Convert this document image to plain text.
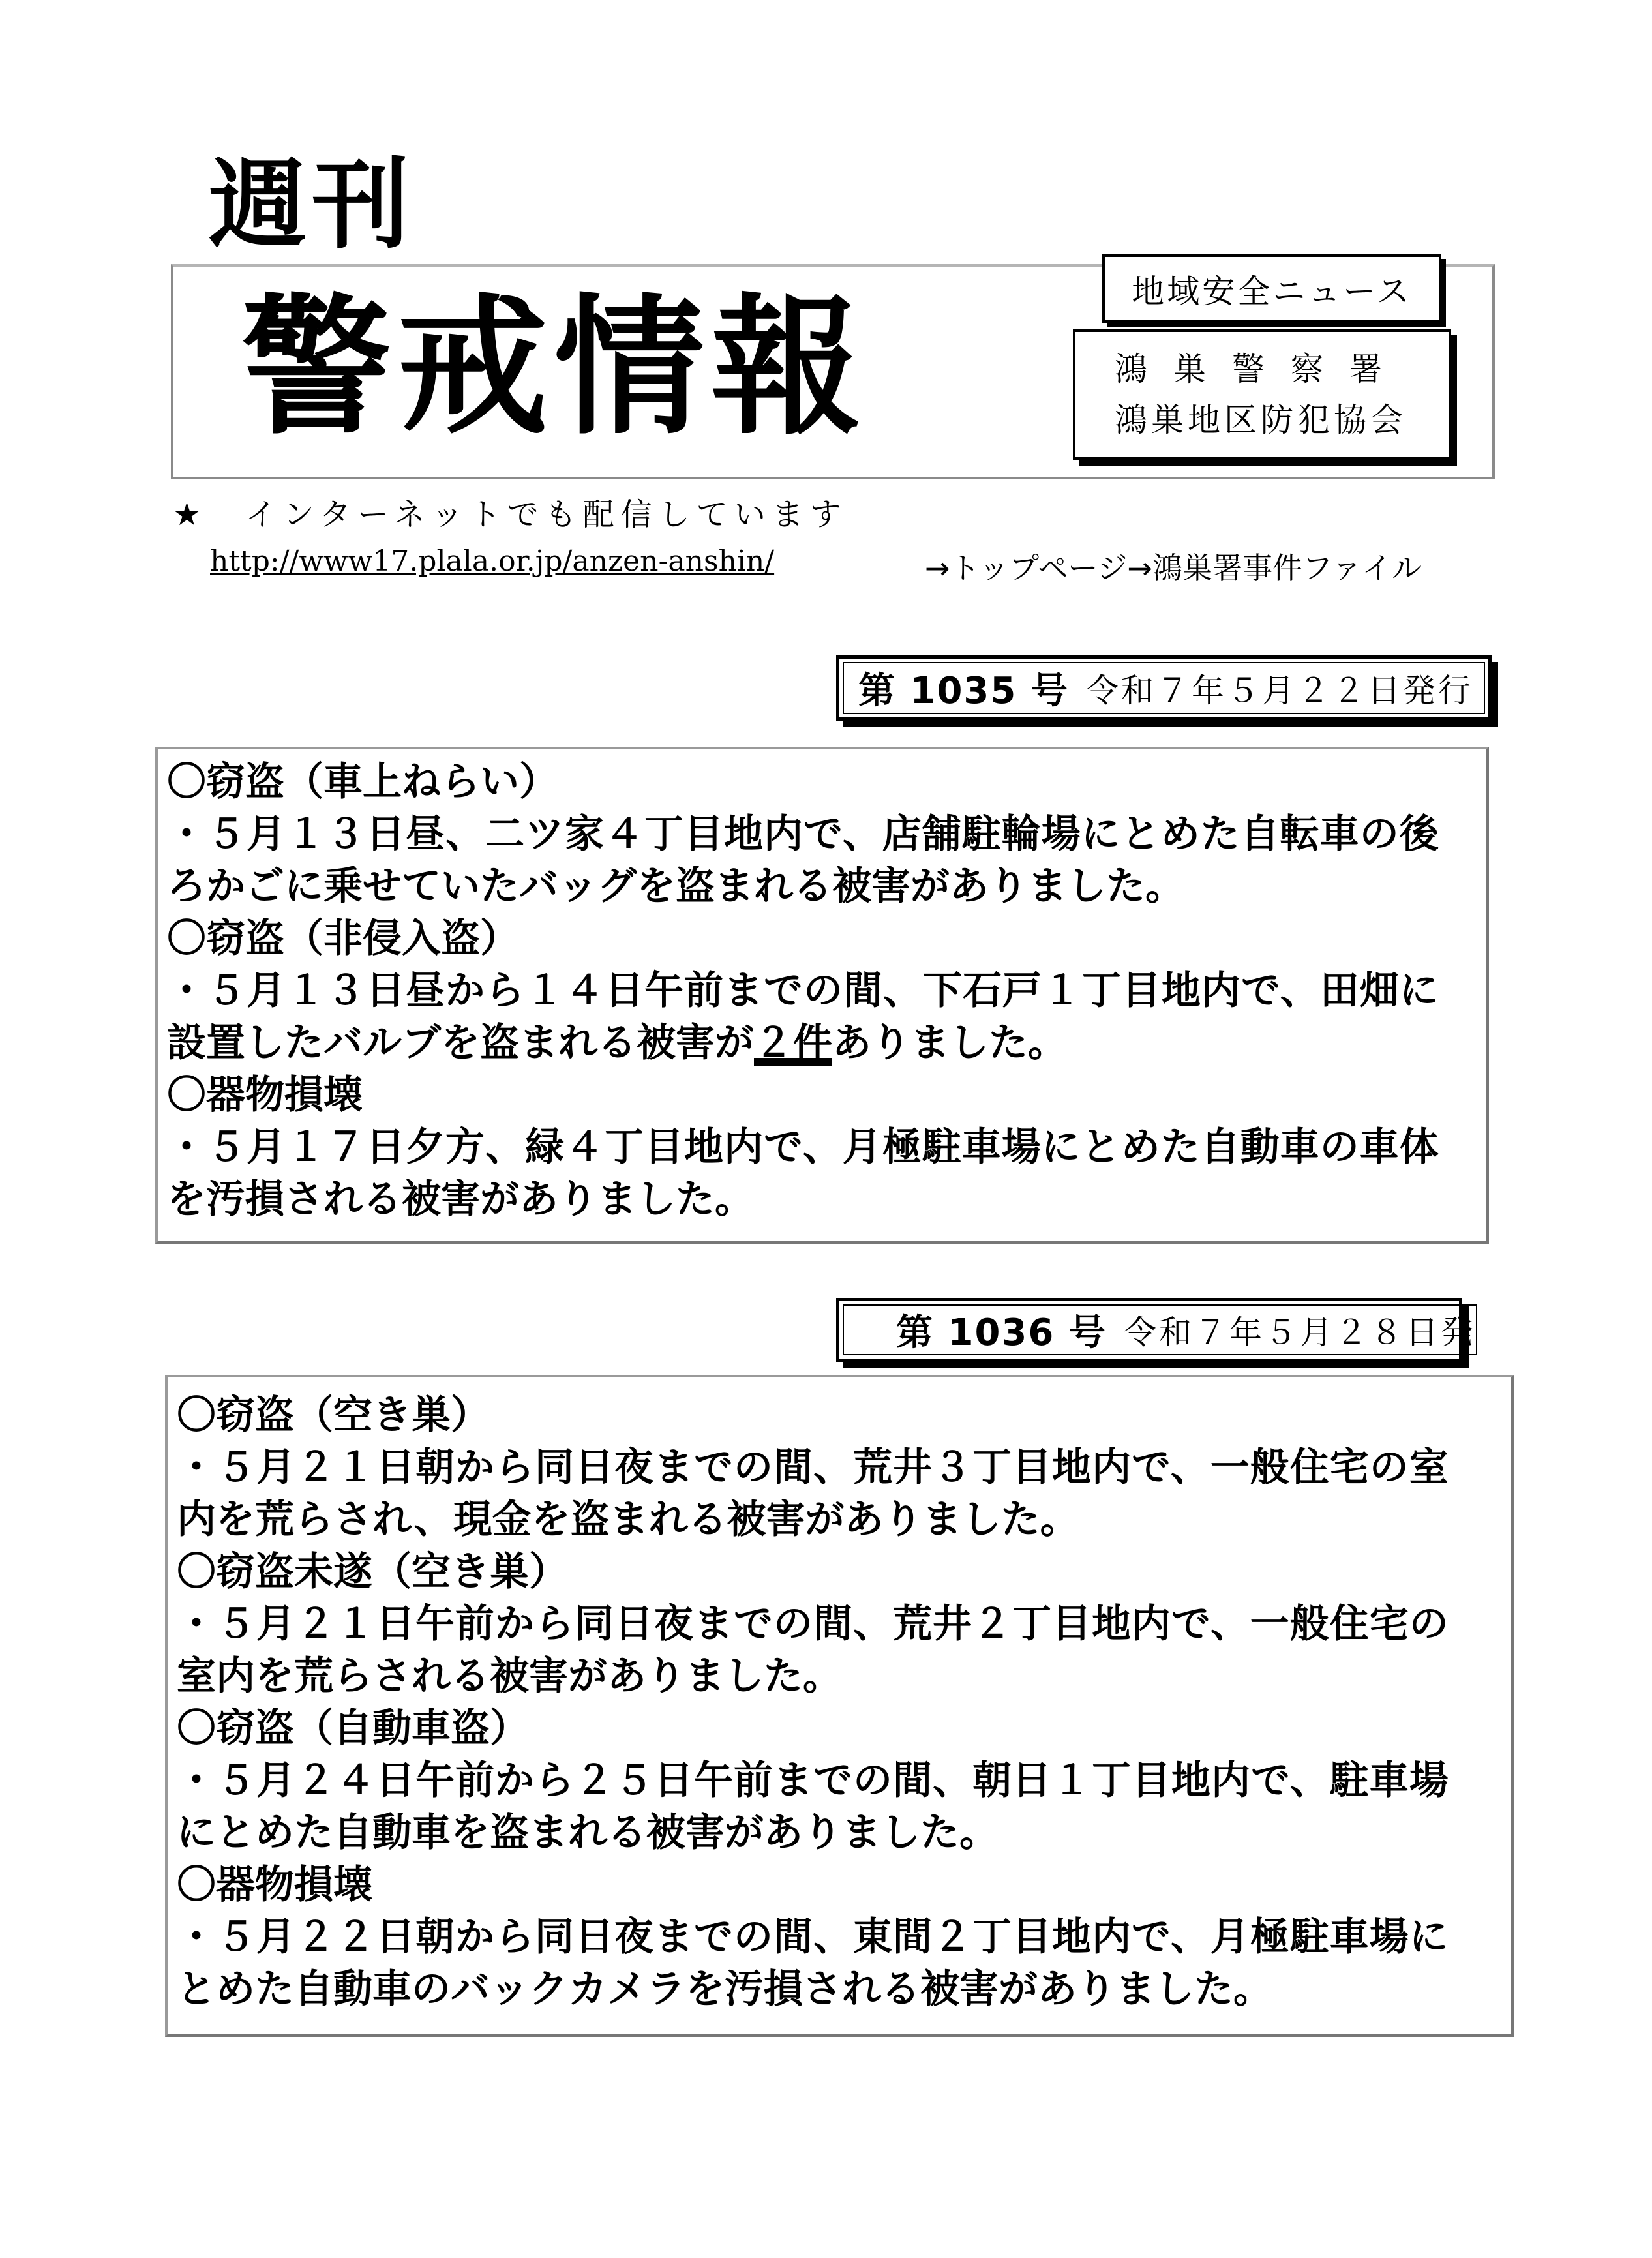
週刊
警戒情報	地域安全ニュース
鴻巣警察署
鴻巣地区防犯協会
★　インターネットでも配信しています
http://www17.plala.or.jp/anzen-anshin/	→トップページ→鴻巣署事件ファイル
第 1035 号 令和７年５月２２日発行
〇窃盗（車上ねらい）
・５月１３日昼、二ツ家４丁目地内で、店舗駐輪場にとめた自転車の後
ろかごに乗せていたバッグを盗まれる被害がありました。
〇窃盗（非侵入盗）
・５月１３日昼から１４日午前までの間、下石戸１丁目地内で、田畑に
設置したバルブを盗まれる被害が２件ありました。
〇器物損壊
・５月１７日夕方、緑４丁目地内で、月極駐車場にとめた自動車の車体
を汚損される被害がありました。
第 1036 号 令和７年５月２８日発
〇窃盗（空き巣）
・５月２１日朝から同日夜までの間、荒井３丁目地内で、一般住宅の室
内を荒らされ、現金を盗まれる被害がありました。
〇窃盗未遂（空き巣）
・５月２１日午前から同日夜までの間、荒井２丁目地内で、一般住宅の
室内を荒らされる被害がありました。
〇窃盗（自動車盗）
・５月２４日午前から２５日午前までの間、朝日１丁目地内で、駐車場
にとめた自動車を盗まれる被害がありました。
〇器物損壊
・５月２２日朝から同日夜までの間、東間２丁目地内で、月極駐車場に
とめた自動車のバックカメラを汚損される被害がありました。
